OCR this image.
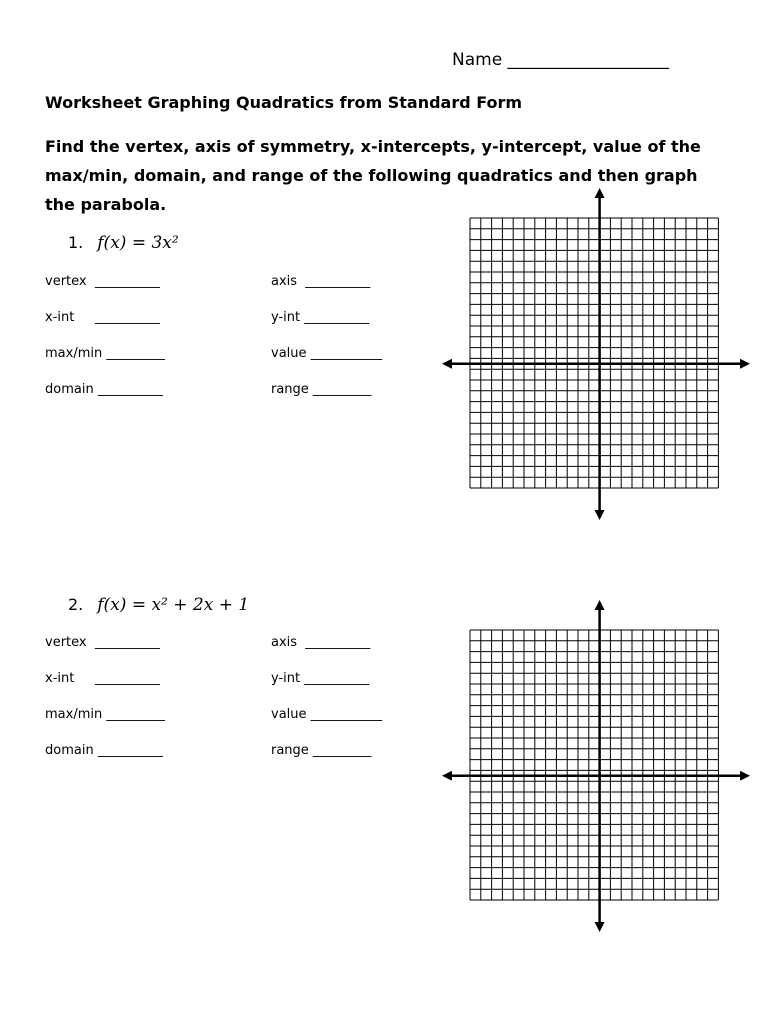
Name ___________________
Worksheet Graphing Quadratics from Standard Form
Find the vertex, axis of symmetry, x-intercepts, y-intercept, value of the max/min, domain, and range of the following quadratics and then graph the parabola.
1. f(x) = 3x²
vertex  __________	axis  __________
x-int     __________	y-int __________
max/min _________	value ___________
domain __________	range _________
2. f(x) = x² + 2x + 1
vertex  __________	axis  __________
x-int     __________	y-int __________
max/min _________	value ___________
domain __________	range _________
